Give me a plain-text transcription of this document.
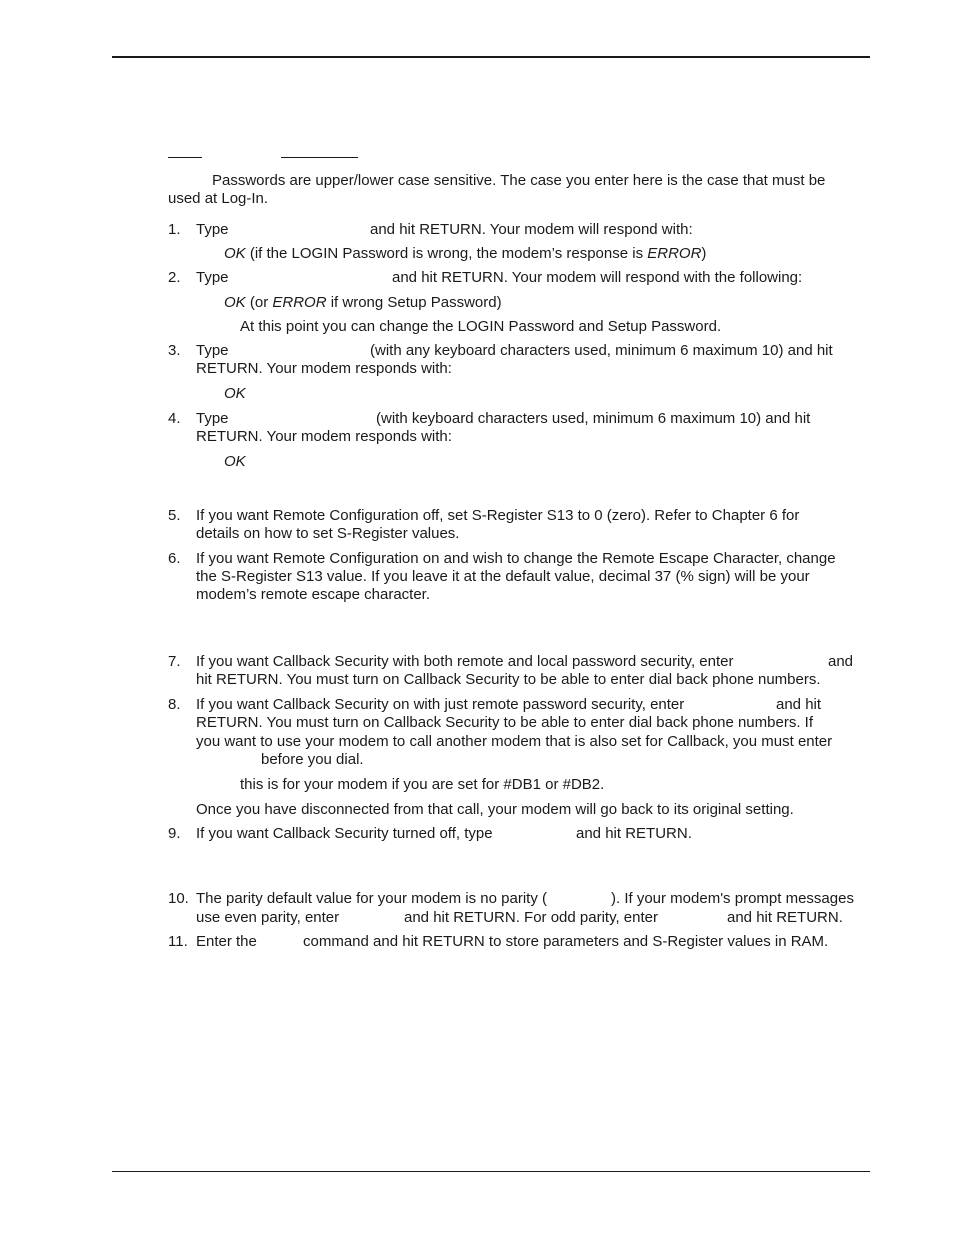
Passwords are upper/lower case sensitive. The case you enter here is the case that must be
used at Log-In.
1. Type	and hit RETURN. Your modem will respond with:
OK (if the LOGIN Password is wrong, the modem’s response is ERROR)
2. Type	and hit RETURN. Your modem will respond with the following:
OK (or ERROR if wrong Setup Password)
At this point you can change the LOGIN Password and Setup Password.
3. Type	(with any keyboard characters used, minimum 6 maximum 10) and hit
RETURN. Your modem responds with:
OK
4. Type	(with keyboard characters used, minimum 6 maximum 10) and hit
RETURN. Your modem responds with:
OK
5. If you want Remote Configuration off, set S-Register S13 to 0 (zero). Refer to Chapter 6 for
details on how to set S-Register values.
6. If you want Remote Configuration on and wish to change the Remote Escape Character, change
the S-Register S13 value. If you leave it at the default value, decimal 37 (% sign) will be your
modem’s remote escape character.
7. If you want Callback Security with both remote and local password security, enter	and
hit RETURN. You must turn on Callback Security to be able to enter dial back phone numbers.
8. If you want Callback Security on with just remote password security, enter	and hit
RETURN. You must turn on Callback Security to be able to enter dial back phone numbers. If
you want to use your modem to call another modem that is also set for Callback, you must enter
before you dial.
this is for your modem if you are set for #DB1 or #DB2.
Once you have disconnected from that call, your modem will go back to its original setting.
9. If you want Callback Security turned off, type	and hit RETURN.
10. The parity default value for your modem is no parity (	). If your modem's prompt messages
use even parity, enter	and hit RETURN. For odd parity, enter	and hit RETURN.
11. Enter the	command and hit RETURN to store parameters and S-Register values in RAM.
